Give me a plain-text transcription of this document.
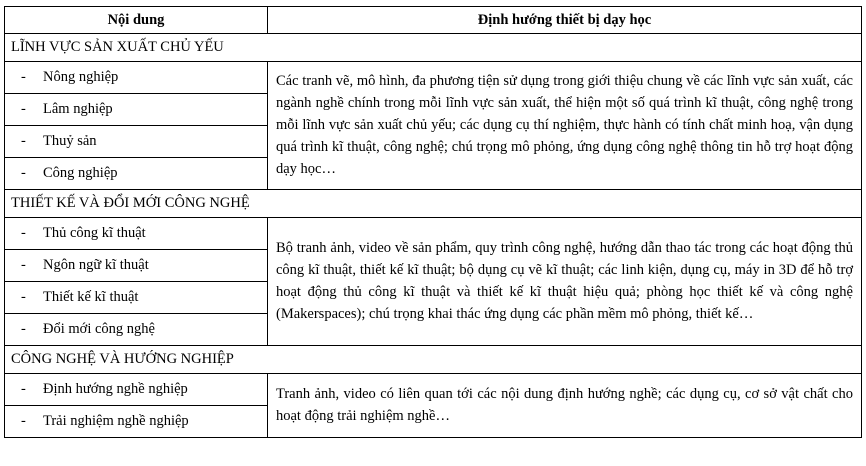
Nội dung	Định hướng thiết bị dạy học
LĨNH VỰC SẢN XUẤT CHỦ YẾU	
- Nông nghiệp	Các tranh vẽ, mô hình, đa phương tiện sử dụng trong giới thiệu chung về các lĩnh vực sản xuất, các ngành nghề chính trong mỗi lĩnh vực sản xuất, thể hiện một số quá trình kĩ thuật, công nghệ trong mỗi lĩnh vực sản xuất chủ yếu; các dụng cụ thí nghiệm, thực hành có tính chất minh hoạ, vận dụng quá trình kĩ thuật, công nghệ; chú trọng mô phỏng, ứng dụng công nghệ thông tin hỗ trợ hoạt động dạy học…
- Lâm nghiệp	
- Thuỷ sản	
- Công nghiệp	
THIẾT KẾ VÀ ĐỔI MỚI CÔNG NGHỆ	
- Thủ công kĩ thuật	Bộ tranh ảnh, video về sản phẩm, quy trình công nghệ, hướng dẫn thao tác trong các hoạt động thủ công kĩ thuật, thiết kế kĩ thuật; bộ dụng cụ vẽ kĩ thuật; các linh kiện, dụng cụ, máy in 3D để hỗ trợ hoạt động thủ công kĩ thuật và thiết kế kĩ thuật hiệu quả; phòng học thiết kế và công nghệ (Makerspaces); chú trọng khai thác ứng dụng các phần mềm mô phỏng, thiết kế…
- Ngôn ngữ kĩ thuật	
- Thiết kế kĩ thuật	
- Đổi mới công nghệ	
CÔNG NGHỆ VÀ HƯỚNG NGHIỆP	
- Định hướng nghề nghiệp	Tranh ảnh, video có liên quan tới các nội dung định hướng nghề; các dụng cụ, cơ sở vật chất cho hoạt động trải nghiệm nghề…
- Trải nghiệm nghề nghiệp	
